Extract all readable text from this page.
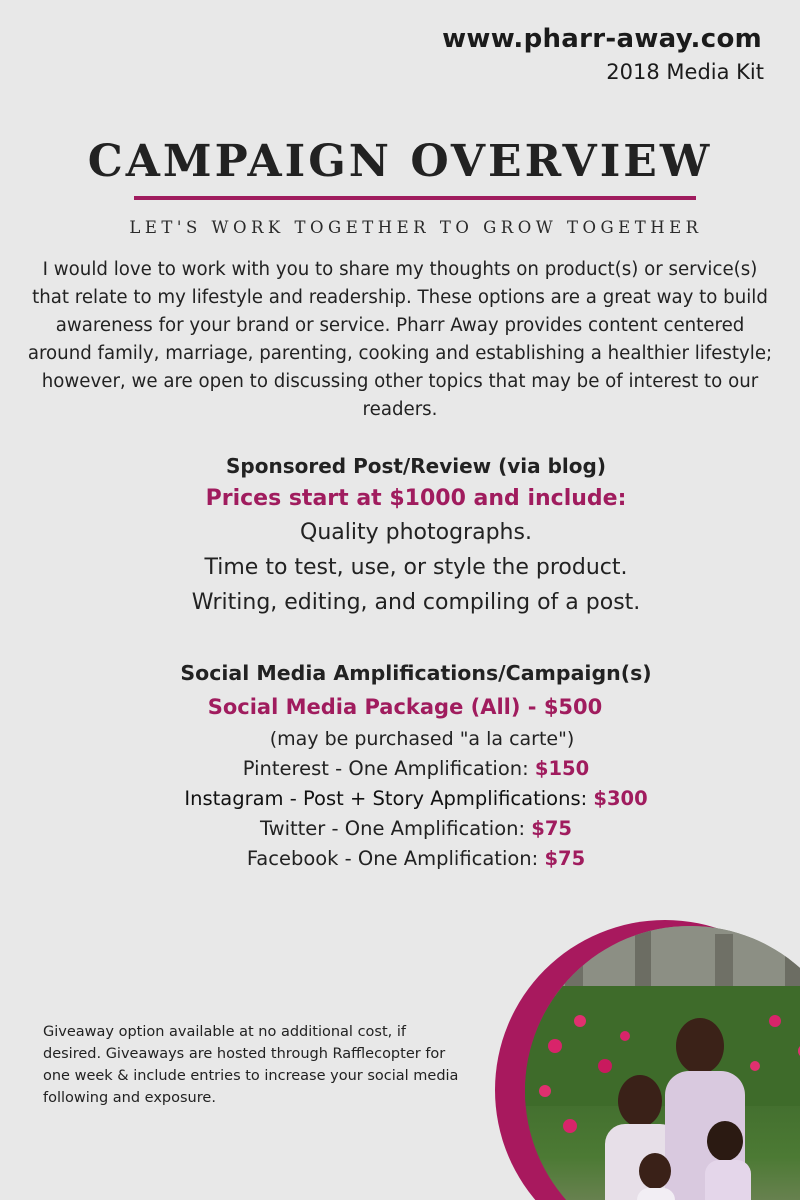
www.pharr-away.com
2018 Media Kit
CAMPAIGN OVERVIEW
LET'S WORK TOGETHER TO GROW TOGETHER
I would love to work with you to share my thoughts on product(s) or service(s) that relate to my lifestyle and readership. These options are a great way to build awareness for your brand or service. Pharr Away provides content centered around family, marriage, parenting, cooking and establishing a healthier lifestyle; however, we are open to discussing other topics that may be of interest to our readers.
Sponsored Post/Review (via blog)
Prices start at $1000 and include:
Quality photographs.
Time to test, use, or style the product.
Writing, editing, and compiling of a post.
Social Media Amplifications/Campaign(s)
Social Media Package (All) - $500
(may be purchased "a la carte")
Pinterest - One Amplification: $150
Instagram - Post + Story Apmplifications: $300
Twitter - One Amplification: $75
Facebook - One Amplification: $75
Giveaway option available at no additional cost, if desired. Giveaways are hosted through Rafflecopter for one week & include entries to increase your social media following and exposure.
